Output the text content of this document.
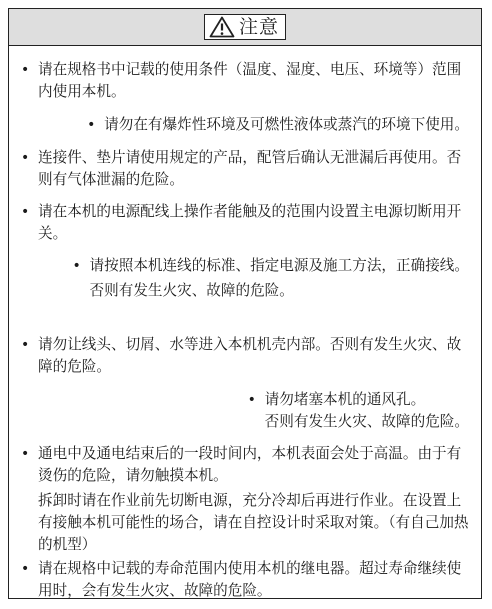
注意
• 请在规格书中记载的使用条件（温度、湿度、电压、环境等）范围内使用本机。

• 请勿在有爆炸性环境及可燃性液体或蒸汽的环境下使用。

• 连接件、垫片请使用规定的产品，配管后确认无泄漏后再使用。否则有气体泄漏的危险。

• 请在本机的电源配线上操作者能触及的范围内设置主电源切断用开关。

• 请按照本机连线的标准、指定电源及施工方法，正确接线。

否则有发生火灾、故障的危险。

• 请勿让线头、切屑、水等进入本机机壳内部。否则有发生火灾、故障的危险。

• 请勿堵塞本机的通风孔。

否则有发生火灾、故障的危险。

• 通电中及通电结束后的一段时间内，本机表面会处于高温。由于有烫伤的危险，请勿触摸本机。

拆卸时请在作业前先切断电源，充分冷却后再进行作业。在设置上有接触本机可能性的场合，请在自控设计时采取对策。（有自己加热的机型）

• 请在规格中记载的寿命范围内使用本机的继电器。超过寿命继续使用时，会有发生火灾、故障的危险。
